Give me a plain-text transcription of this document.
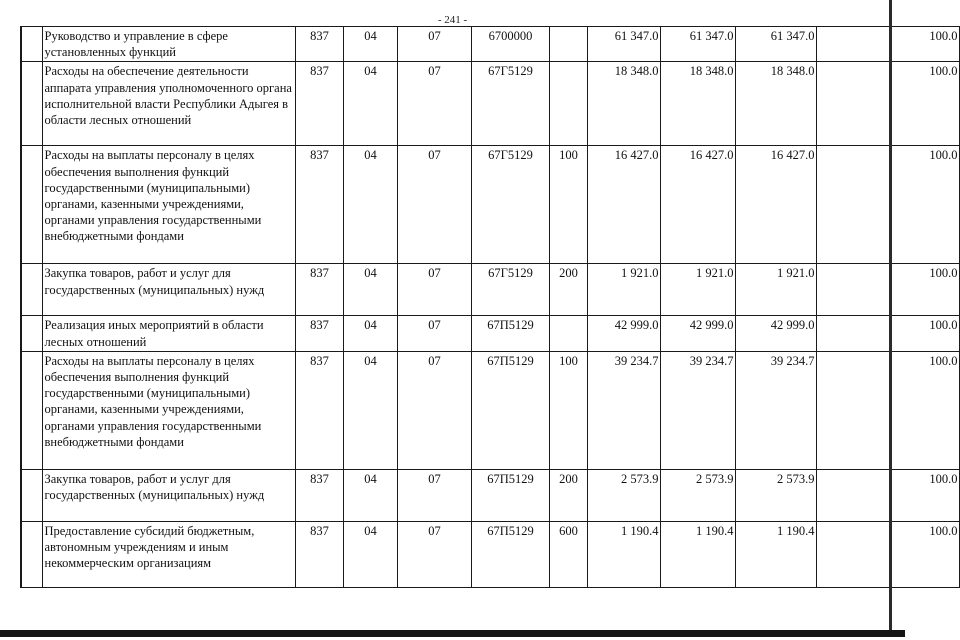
- 241 -
	Руководство и управление в сфере установленных функций	837	04	07	6700000		61 347.0	61 347.0	61 347.0	100.0
	Расходы на обеспечение деятельности аппарата управления уполномоченного органа исполнительной власти Республики Адыгея в области лесных отношений	837	04	07	67Г5129		18 348.0	18 348.0	18 348.0	100.0
	Расходы на выплаты персоналу в целях обеспечения выполнения функций государственными (муниципальными) органами, казенными учреждениями, органами управления государственными внебюджетными фондами	837	04	07	67Г5129	100	16 427.0	16 427.0	16 427.0	100.0
	Закупка товаров, работ и услуг для государственных (муниципальных) нужд	837	04	07	67Г5129	200	1 921.0	1 921.0	1 921.0	100.0
	Реализация иных мероприятий в области лесных отношений	837	04	07	67П5129		42 999.0	42 999.0	42 999.0	100.0
	Расходы на выплаты персоналу в целях обеспечения выполнения функций государственными (муниципальными) органами, казенными учреждениями, органами управления государственными внебюджетными фондами	837	04	07	67П5129	100	39 234.7	39 234.7	39 234.7	100.0
	Закупка товаров, работ и услуг для государственных (муниципальных) нужд	837	04	07	67П5129	200	2 573.9	2 573.9	2 573.9	100.0
	Предоставление субсидий бюджетным, автономным учреждениям и иным некоммерческим организациям	837	04	07	67П5129	600	1 190.4	1 190.4	1 190.4	100.0
